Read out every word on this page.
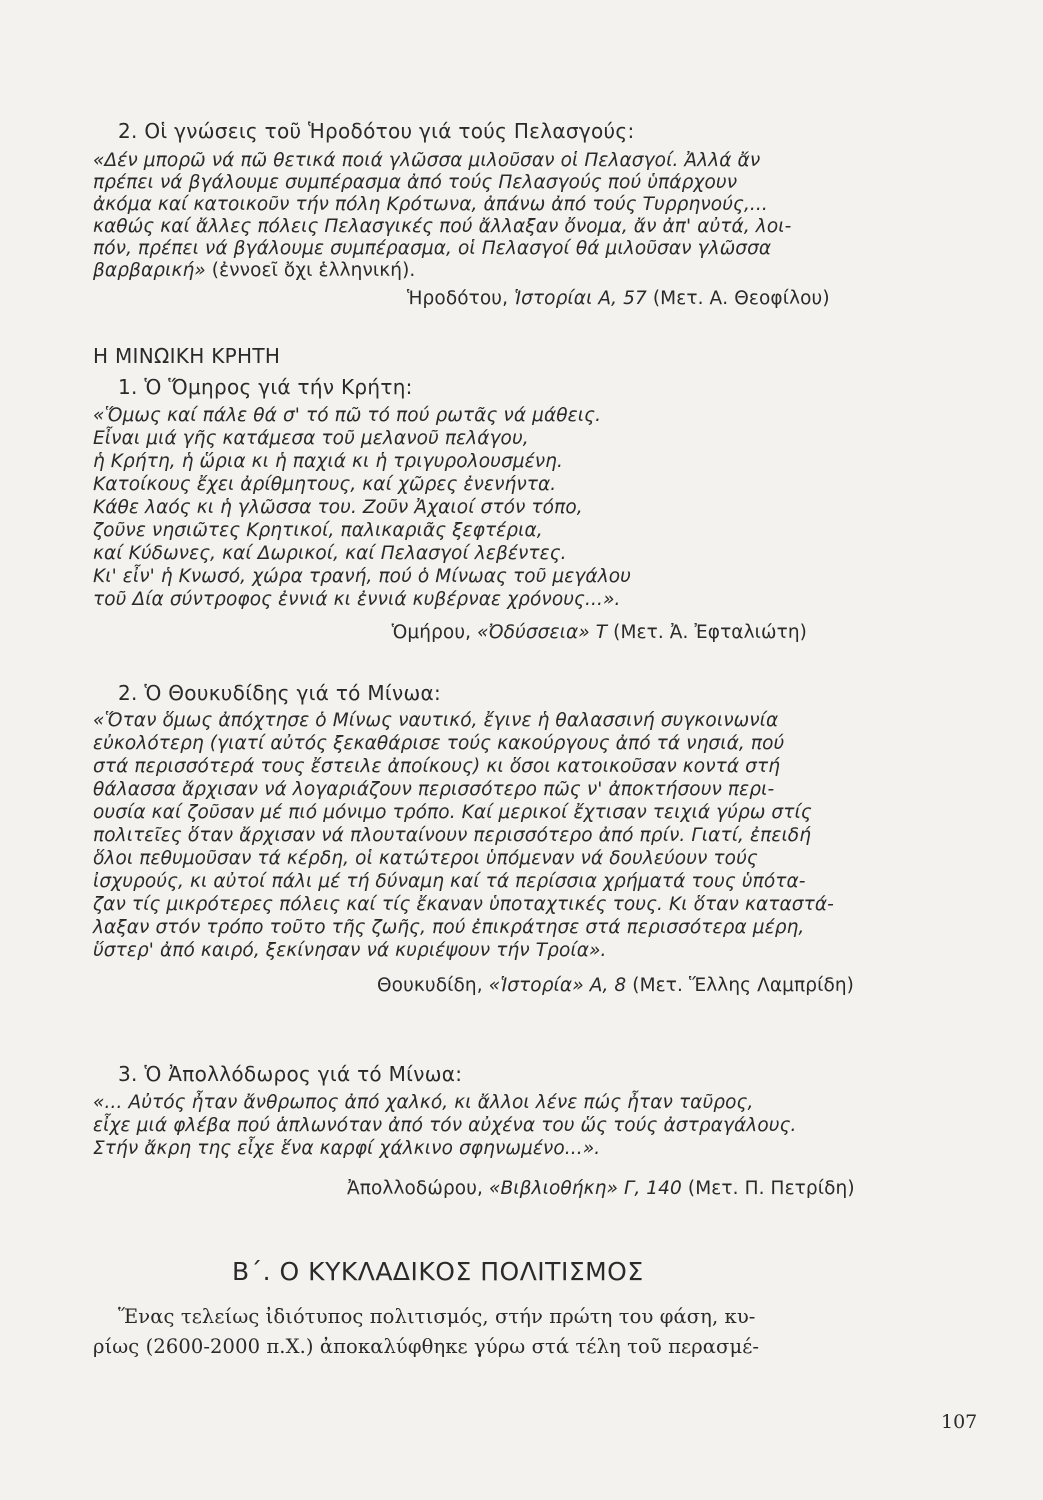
2. Οἱ γνώσεις τοῦ Ἡροδότου γιά τούς Πελασγούς:
«Δέν μπορῶ νά πῶ θετικά ποιά γλῶσσα μιλοῦσαν οἱ Πελασγοί. Ἀλλά ἄν
πρέπει νά βγάλουμε συμπέρασμα ἀπό τούς Πελασγούς πού ὑπάρχουν
ἀκόμα καί κατοικοῦν τήν πόλη Κρότωνα, ἀπάνω ἀπό τούς Τυρρηνούς,...
καθώς καί ἄλλες πόλεις Πελασγικές πού ἄλλαξαν ὄνομα, ἄν ἀπ' αὐτά, λοι-
πόν, πρέπει νά βγάλουμε συμπέρασμα, οἱ Πελασγοί θά μιλοῦσαν γλῶσσα
βαρβαρική» (ἐννοεῖ ὄχι ἑλληνική).
Ἡροδότου, Ἱστορίαι Α, 57 (Μετ. Α. Θεοφίλου)
Η ΜΙΝΩΙΚΗ ΚΡΗΤΗ
1. Ὁ Ὅμηρος γιά τήν Κρήτη:
«Ὅμως καί πάλε θά σ' τό πῶ τό πού ρωτᾶς νά μάθεις.
Εἶναι μιά γῆς κατάμεσα τοῦ μελανοῦ πελάγου,
ἡ Κρήτη, ἡ ὥρια κι ἡ παχιά κι ἡ τριγυρολουσμένη.
Κατοίκους ἔχει ἀρίθμητους, καί χῶρες ἐνενήντα.
Κάθε λαός κι ἡ γλῶσσα του. Ζοῦν Ἀχαιοί στόν τόπο,
ζοῦνε νησιῶτες Κρητικοί, παλικαριᾶς ξεφτέρια,
καί Κύδωνες, καί Δωρικοί, καί Πελασγοί λεβέντες.
Κι' εἶν' ἡ Κνωσό, χώρα τρανή, πού ὁ Μίνωας τοῦ μεγάλου
τοῦ Δία σύντροφος ἐννιά κι ἐννιά κυβέρναε χρόνους...».
Ὁμήρου, «Ὀδύσσεια» Τ (Μετ. Ἀ. Ἐφταλιώτη)
2. Ὁ Θουκυδίδης γιά τό Μίνωα:
«Ὅταν ὅμως ἀπόχτησε ὁ Μίνως ναυτικό, ἔγινε ἡ θαλασσινή συγκοινωνία
εὐκολότερη (γιατί αὐτός ξεκαθάρισε τούς κακούργους ἀπό τά νησιά, πού
στά περισσότερά τους ἔστειλε ἀποίκους) κι ὅσοι κατοικοῦσαν κοντά στή
θάλασσα ἄρχισαν νά λογαριάζουν περισσότερο πῶς ν' ἀποκτήσουν περι-
ουσία καί ζοῦσαν μέ πιό μόνιμο τρόπο. Καί μερικοί ἔχτισαν τειχιά γύρω στίς
πολιτεῖες ὅταν ἄρχισαν νά πλουταίνουν περισσότερο ἀπό πρίν. Γιατί, ἐπειδή
ὅλοι πεθυμοῦσαν τά κέρδη, οἱ κατώτεροι ὑπόμεναν νά δουλεύουν τούς
ἰσχυρούς, κι αὐτοί πάλι μέ τή δύναμη καί τά περίσσια χρήματά τους ὑπότα-
ζαν τίς μικρότερες πόλεις καί τίς ἔκαναν ὑποταχτικές τους. Κι ὅταν καταστά-
λαξαν στόν τρόπο τοῦτο τῆς ζωῆς, πού ἐπικράτησε στά περισσότερα μέρη,
ὕστερ' ἀπό καιρό, ξεκίνησαν νά κυριέψουν τήν Τροία».
Θουκυδίδη, «Ἱστορία» Α, 8 (Μετ. Ἕλλης Λαμπρίδη)
3. Ὁ Ἀπολλόδωρος γιά τό Μίνωα:
«... Αὐτός ἦταν ἄνθρωπος ἀπό χαλκό, κι ἄλλοι λένε πώς ἦταν ταῦρος,
εἶχε μιά φλέβα πού ἁπλωνόταν ἀπό τόν αὐχένα του ὥς τούς ἀστραγάλους.
Στήν ἄκρη της εἶχε ἕνα καρφί χάλκινο σφηνωμένο...».
Ἀπολλοδώρου, «Βιβλιοθήκη» Γ, 140 (Μετ. Π. Πετρίδη)
Β΄. Ο ΚΥΚΛΑΔΙΚΟΣ ΠΟΛΙΤΙΣΜΟΣ
Ἕνας τελείως ἰδιότυπος πολιτισμός, στήν πρώτη του φάση, κυ-
ρίως (2600-2000 π.Χ.) ἀποκαλύφθηκε γύρω στά τέλη τοῦ περασμέ-
107
